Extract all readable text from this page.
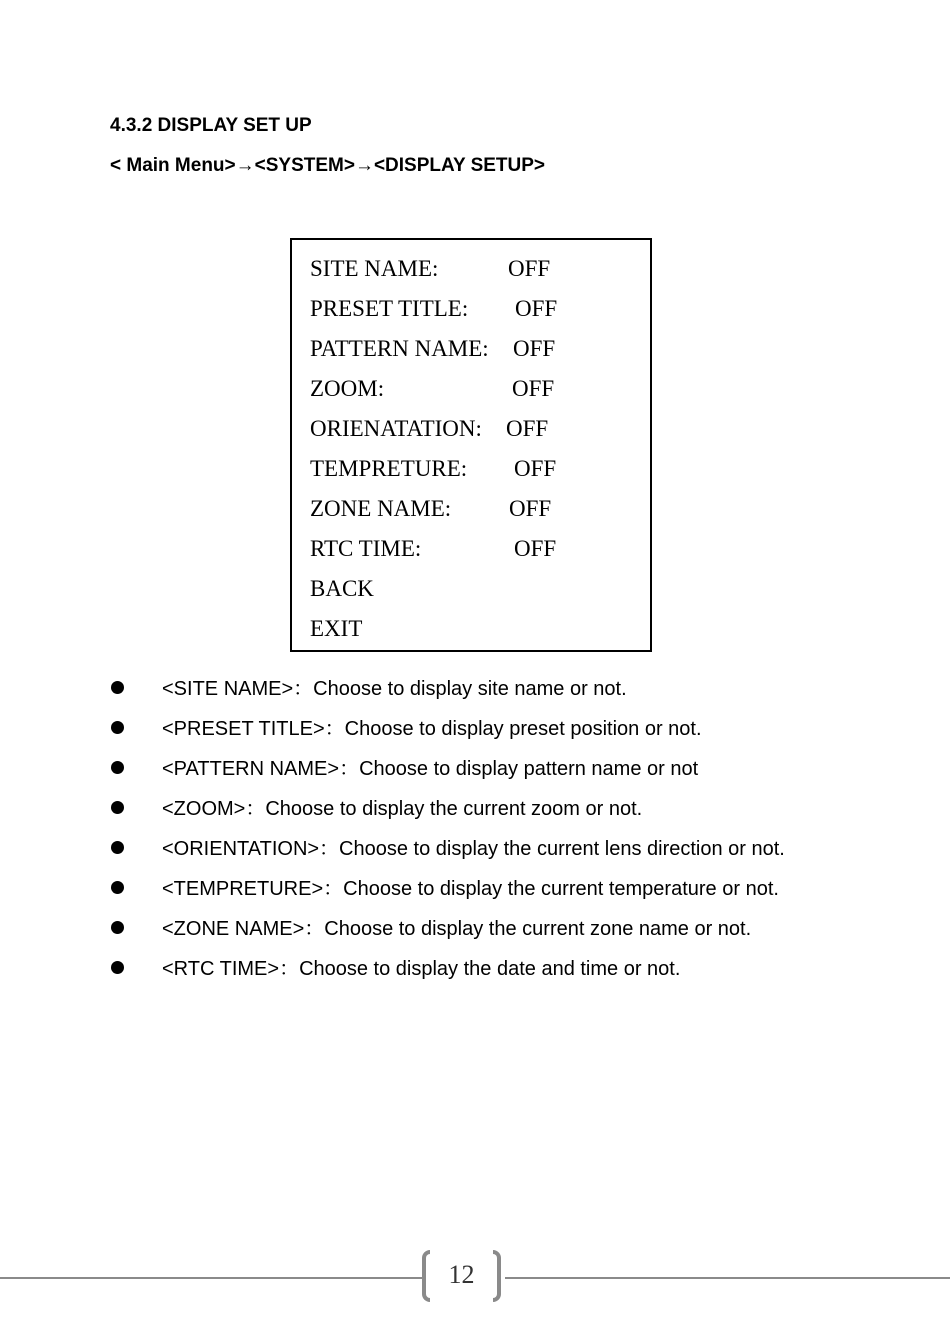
4.3.2 DISPLAY SET UP
< Main Menu>→<SYSTEM>→<DISPLAY SETUP>
SITE NAME:	OFF
PRESET TITLE: OFF
PATTERN NAME: OFF
ZOOM:	OFF
ORIENATATION: OFF
TEMPRETURE: OFF
ZONE NAME:	OFF
RTC TIME:	OFF
BACK
EXIT
<SITE NAME>：Choose to display site name or not.
<PRESET TITLE>：Choose to display preset position or not.
<PATTERN NAME>：Choose to display pattern name or not
<ZOOM>：Choose to display the current zoom or not.
<ORIENTATION>：Choose to display the current lens direction or not.
<TEMPRETURE>：Choose to display the current temperature or not.
<ZONE NAME>：Choose to display the current zone name or not.
<RTC TIME>：Choose to display the date and time or not.
12
